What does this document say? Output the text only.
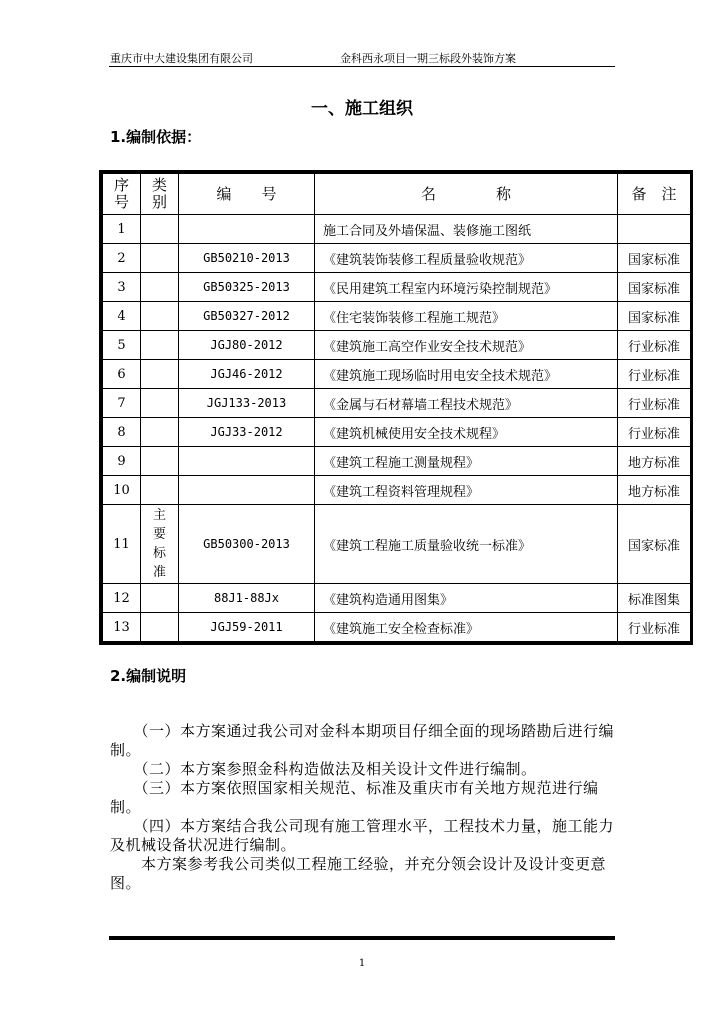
重庆市中大建设集团有限公司	金科西永项目一期三标段外装饰方案
一、施工组织
1.编制依据：
序
号	类
别	编　　号	名　　　　称	备　注
1			施工合同及外墙保温、装修施工图纸	
2		GB50210-2013	《建筑装饰装修工程质量验收规范》	国家标准
3		GB50325-2013	《民用建筑工程室内环境污染控制规范》	国家标准
4		GB50327-2012	《住宅装饰装修工程施工规范》	国家标准
5		JGJ80-2012	《建筑施工高空作业安全技术规范》	行业标准
6		JGJ46-2012	《建筑施工现场临时用电安全技术规范》	行业标准
7		JGJ133-2013	《金属与石材幕墙工程技术规范》	行业标准
8		JGJ33-2012	《建筑机械使用安全技术规程》	行业标准
9			《建筑工程施工测量规程》	地方标准
10			《建筑工程资料管理规程》	地方标准
11	主
要
标
准	GB50300-2013	《建筑工程施工质量验收统一标准》	国家标准
12		88J1-88Jx	《建筑构造通用图集》	标准图集
13		JGJ59-2011	《建筑施工安全检查标准》	行业标准
2.编制说明

　　（一）本方案通过我公司对金科本期项目仔细全面的现场踏勘后进行编制。

　　（二）本方案参照金科构造做法及相关设计文件进行编制。

　　（三）本方案依照国家相关规范、标准及重庆市有关地方规范进行编制。

　　（四）本方案结合我公司现有施工管理水平，工程技术力量，施工能力及机械设备状况进行编制。

　　本方案参考我公司类似工程施工经验，并充分领会设计及设计变更意图。

1
